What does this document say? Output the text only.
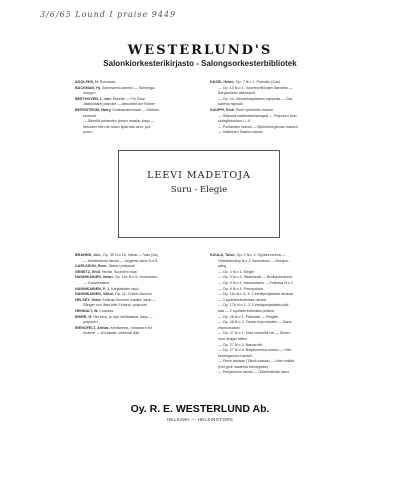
3/6/65 Lound I praise 9449
WESTERLUND'S
Salonkiorkesterikirjasto - Salongsorkesterbibliotek
ADOLPHS, H. Romance
BACKMAN, Hj. Sommarmi-sammo — Sömlinga-
morgon
BEETHOVEN, L. van. Ekselia — Für Elise
Jäähyväiset pianolle — Abschied am Klavier
BERGSTRÖM, Harry. Kukkasoserenadi — Kärleks-
serenad
— Sävellä tuhansien järven maalla, karju —
Melodier från de tusen sjöarnas land, pot-
pourri
KASSI, Heino, Op. 7 N:o 1. Preludie (Cas)
— Op. 10 N:o 1. Vuorenpeikkojen illanvirta —
Bergtrollens aftonsport
— Op. 44. Vienankarjalainen rapsodia — Öst-
karelsk rapsodi
KAUPPI, Emil. Pieni rykmentin marssi
— Sikkarat saarteelainiamapaj — Potpourri över
skärgårdsvisor I—II
— Porilaisten marssi — Björneborgarnas marsch
— Valkoinen Saarto marssi
LEEVI MADETOJA
Suru - Elegie
BRAHMS, Joh., Op. 39 N:o 15. Valssi — Vals (As)
— Unkarilainen tanssi — Ungersk dans N:o 5.
CARLSSON, Sven. Staran petpourri
GENETZ, Emil. Herää, Suomeni maa
HANNIKAINEN, Ilmari, Op. 11b N:o 5. Keskustelu
— Conversation
HANNIKAINEN, P. J. Karjalaisten laulu
HANNIKAINEN, Väinö, Op. 11. Chant d'amour
HELSEY, Olavi. Kaikuja Suomen maalta, karju —
Sånger och låtar från Finland, potpourri
HENNALT, W. Csardas
IRDER, H. Hei stop, jo myt toil tikaakia, karju —
potpourri
IRENOFELT, Armas. Kerakeima, romansen for
hoanne — Korakake, cellonial dän
KUULA, Toivo, Op. 2 N:o 1. Syystunnelma —
Höststämning N:o 2. Aamulaulu — Morgon-
sång
— Op. 3 N:o 1. Elegie
— Op. 3 N:o 3. Häämarssi — Bröllopsmarsch
— Op. 9 N:o 4. Kansanlaulu — Folkvisa N:o 2
— Op. 9 N:o 4. Pirunpolska
— Op. 11a N:o 3, 4, 2 eteläpohjalaista tanssia
— 3 sydösterbottniska danser
— Op. 17b N:o 1, 2. 2 eteläpohjalaista polk-
kaa — 2 sydösterbottniska polskor
— Op. 26 N:o 1. Pikkolaki — Ringlek
— Op. 26 N:o 2. Tanssi-improvisatio — Dans-
improvisation
— Op. 27 N:o 1. Virta venheltä vie — Ström-
men drager båten
— Op. 27 N:o 3. Barcarolle
— Op. 27 N:o 4. Neljänniessa marssi — Hök-
bekringarnes marsch
— Piece ballade (Tämä vastaa) — Liten ballad
(Det gick maderns tidmeglobe)
— Pohjalainen tanssi — Österbottnisk dans
Oy. R. E. WESTERLUND Ab.
HELSINKI — HELSINGFORS
